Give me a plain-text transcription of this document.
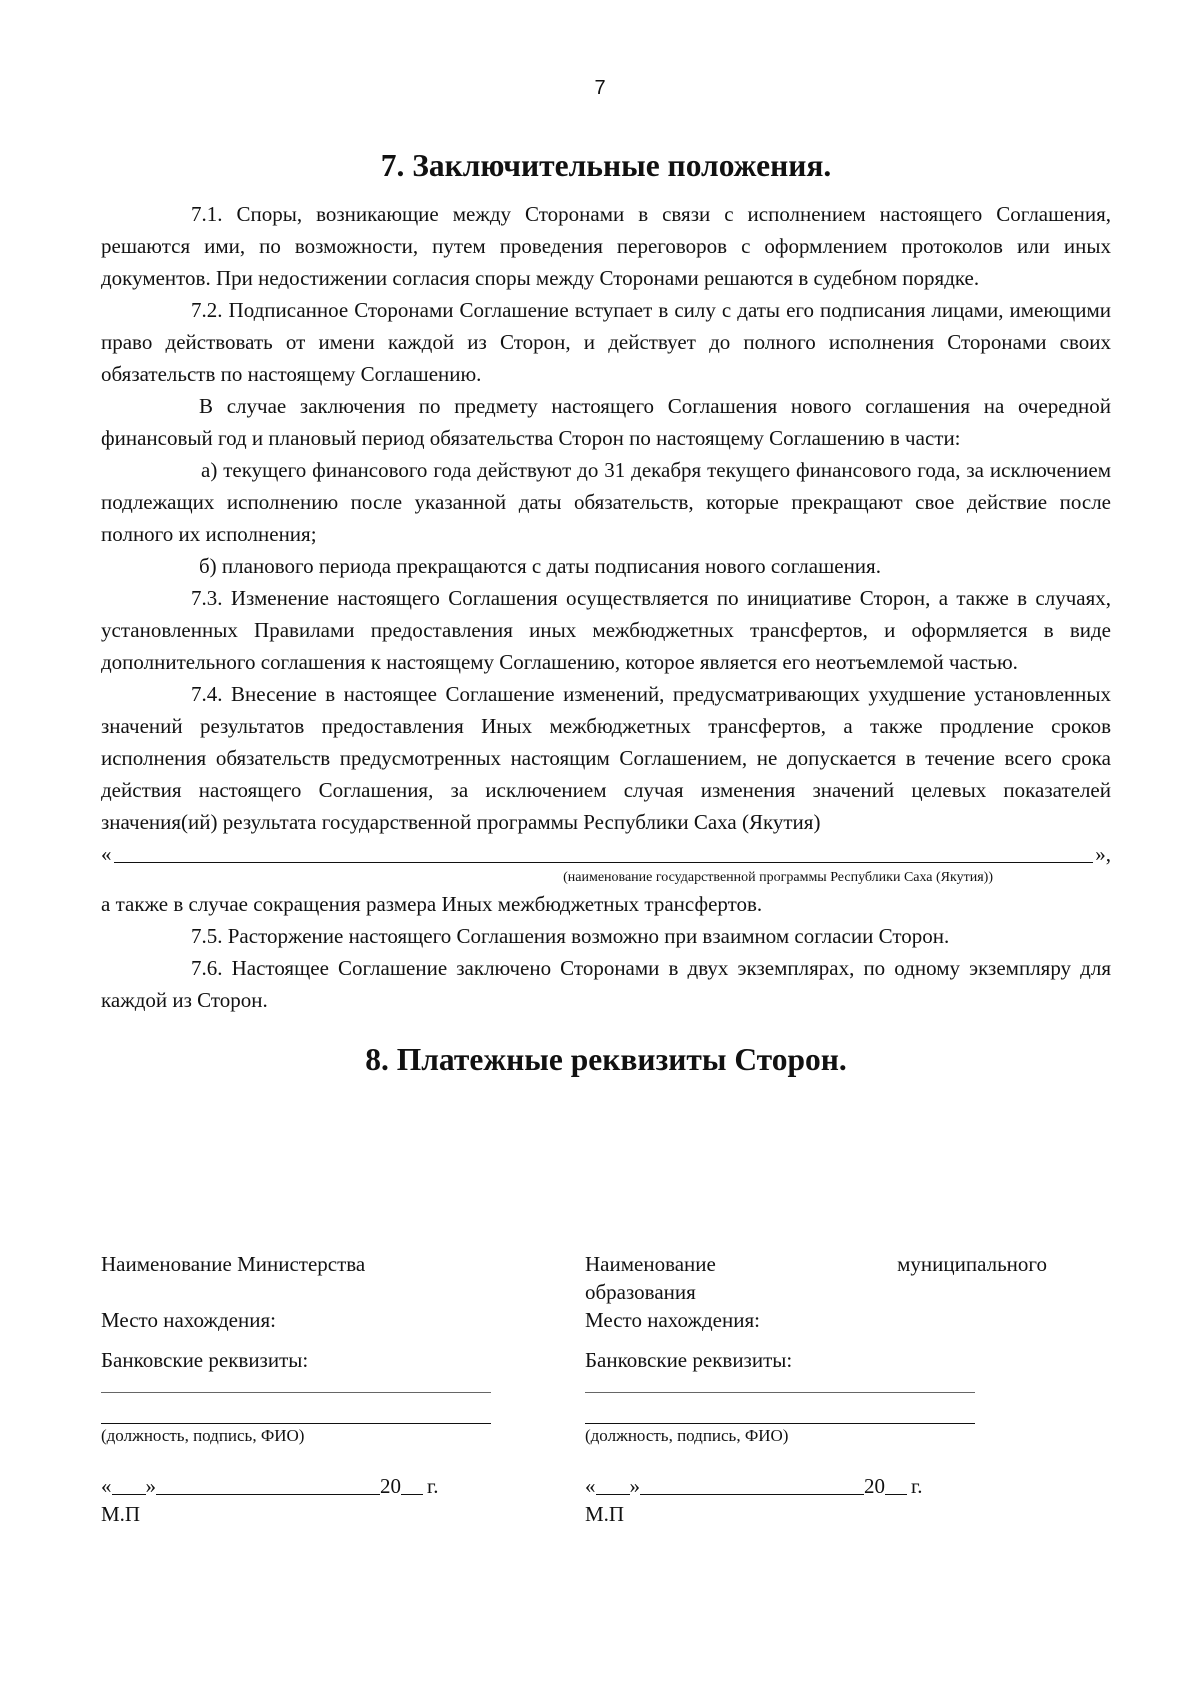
7
7. Заключительные положения.

7.1. Споры, возникающие между Сторонами в связи с исполнением настоящего Соглашения, решаются ими, по возможности, путем проведения переговоров с оформлением протоколов или иных документов. При недостижении согласия споры между Сторонами решаются в судебном порядке.

7.2. Подписанное Сторонами Соглашение вступает в силу с даты его подписания лицами, имеющими право действовать от имени каждой из Сторон, и действует до полного исполнения Сторонами своих обязательств по настоящему Соглашению.

В случае заключения по предмету настоящего Соглашения нового соглашения на очередной финансовый год и плановый период обязательства Сторон по настоящему Соглашению в части:

а) текущего финансового года действуют до 31 декабря текущего финансового года, за исключением подлежащих исполнению после указанной даты обязательств, которые прекращают свое действие после полного их исполнения;

б) планового периода прекращаются с даты подписания нового соглашения.

7.3. Изменение настоящего Соглашения осуществляется по инициативе Сторон, а также в случаях, установленных Правилами предоставления иных межбюджетных трансфертов, и оформляется в виде дополнительного соглашения к настоящему Соглашению, которое является его неотъемлемой частью.

7.4. Внесение в настоящее Соглашение изменений, предусматривающих ухудшение установленных значений результатов предоставления Иных межбюджетных трансфертов, а также продление сроков исполнения обязательств предусмотренных настоящим Соглашением, не допускается в течение всего срока действия настоящего Соглашения, за исключением случая изменения значений целевых показателей значения(ий) результата государственной программы Республики Саха (Якутия)

«	»,
(наименование государственной программы Республики Саха (Якутия))

а также в случае сокращения размера Иных межбюджетных трансфертов.

7.5. Расторжение настоящего Соглашения возможно при взаимном согласии Сторон.

7.6. Настоящее Соглашение заключено Сторонами в двух экземплярах, по одному экземпляру для каждой из Сторон.

8. Платежные реквизиты Сторон.
Наименование Министерства
Место нахождения:
Банковские реквизиты:
(должность, подпись, ФИО)
« »	20 г.
М.П
Наименование	муниципального
образования
Место нахождения:
Банковские реквизиты:
(должность, подпись, ФИО)
« »	20 г.
М.П
